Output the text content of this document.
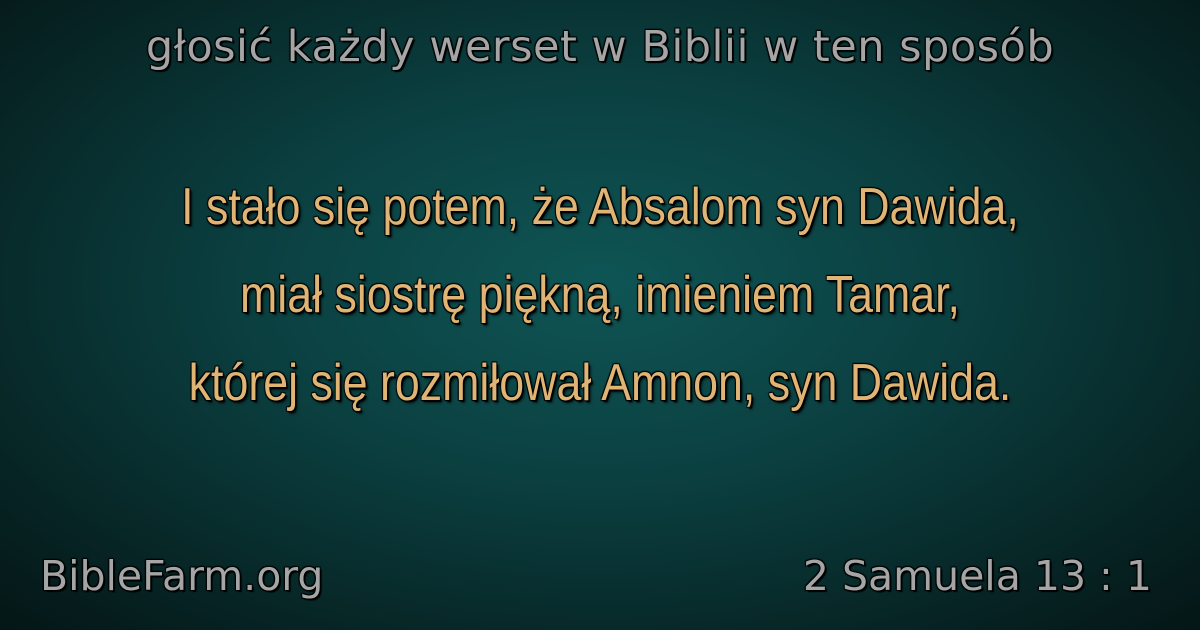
głosić każdy werset w Biblii w ten sposób
I stało się potem, że Absalom syn Dawida,
miał siostrę piękną, imieniem Tamar,
której się rozmiłował Amnon, syn Dawida.
BibleFarm.org	2 Samuela 13 : 1
